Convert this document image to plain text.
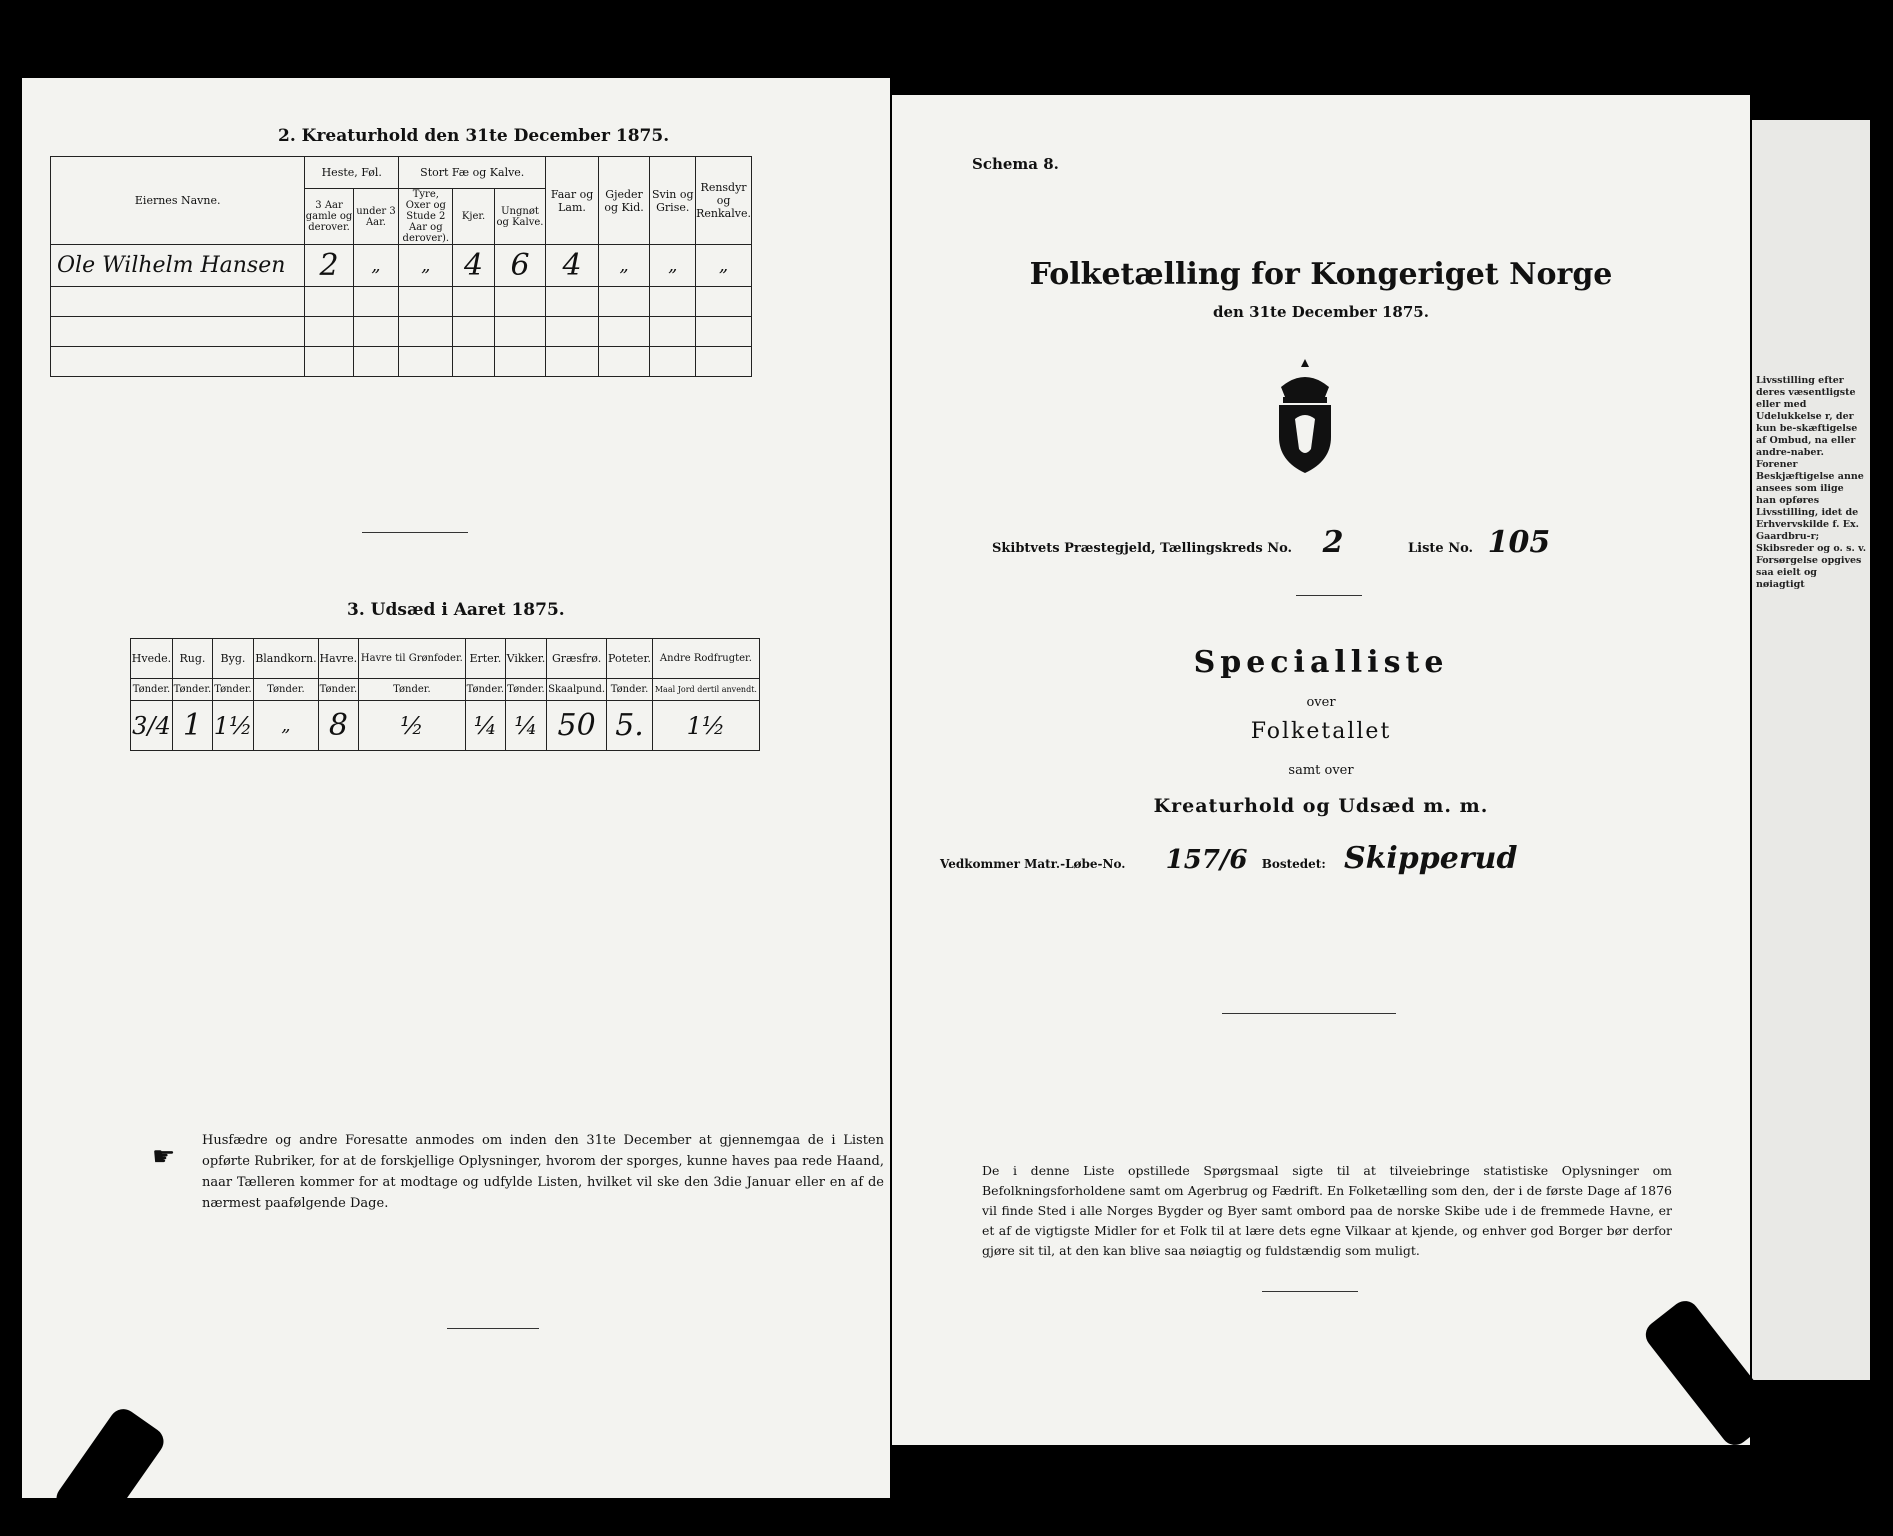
2. Kreaturhold den 31te December 1875.
Eiernes Navne.	Heste, Føl.		Stort Fæ og Kalve.			Faar og Lam.	Gjeder og Kid.	Svin og Grise.	Rensdyr og Renkalve.
	3 Aar gamle og derover.	under 3 Aar.	Tyre, Oxer og Stude 2 Aar og derover).	Kjer.	Ungnøt og Kalve.				
Ole Wilhelm Hansen	2	„	„	4	6	4	„	„	„

3. Udsæd i Aaret 1875.
Hvede.	Rug.	Byg.	Blandkorn.	Havre.	Havre til Grønfoder.	Erter.	Vikker.	Græsfrø.	Poteter.	Andre Rodfrugter.
Tønder.	Tønder.	Tønder.	Tønder.	Tønder.	Tønder.	Tønder.	Tønder.	Skaalpund.	Tønder.	Maal Jord dertil anvendt.
3/4	1	1½	„	8	½	¼	¼	50	5.	1½
☛
Husfædre og andre Foresatte anmodes om inden den 31te December at gjennemgaa de i Listen opførte Rubriker, for at de forskjellige Oplysninger, hvorom der sporges, kunne haves paa rede Haand, naar Tælleren kommer for at modtage og udfylde Listen, hvilket vil ske den 3die Januar eller en af de nærmest paafølgende Dage.
Schema 8.
Folketælling for Kongeriget Norge
den 31te December 1875.
Skibtvets Præstegjeld, Tællingskreds No. 2	Liste No. 105
Specialliste
over
Folketallet
samt over
Kreaturhold og Udsæd m. m.
Vedkommer Matr.-Løbe-No. 157/6 Bostedet: Skipperud
De i denne Liste opstillede Spørgsmaal sigte til at tilveiebringe statistiske Oplysninger om Befolkningsforholdene samt om Agerbrug og Fædrift. En Folketælling som den, der i de første Dage af 1876 vil finde Sted i alle Norges Bygder og Byer samt ombord paa de norske Skibe ude i de fremmede Havne, er et af de vigtigste Midler for et Folk til at lære dets egne Vilkaar at kjende, og enhver god Borger bør derfor gjøre sit til, at den kan blive saa nøiagtig og fuldstændig som muligt.
Livsstilling efter deres væsentligste eller med Udelukkelse r, der kun be-skæftigelse af Ombud, na eller andre-naber. Forener Beskjæftigelse anne ansees som ilige han opføres Livsstilling, idet de Erhvervskilde f. Ex. Gaardbru-r; Skibsreder og o. s. v. Forsørgelse opgives saa eielt og nøiagtigt
